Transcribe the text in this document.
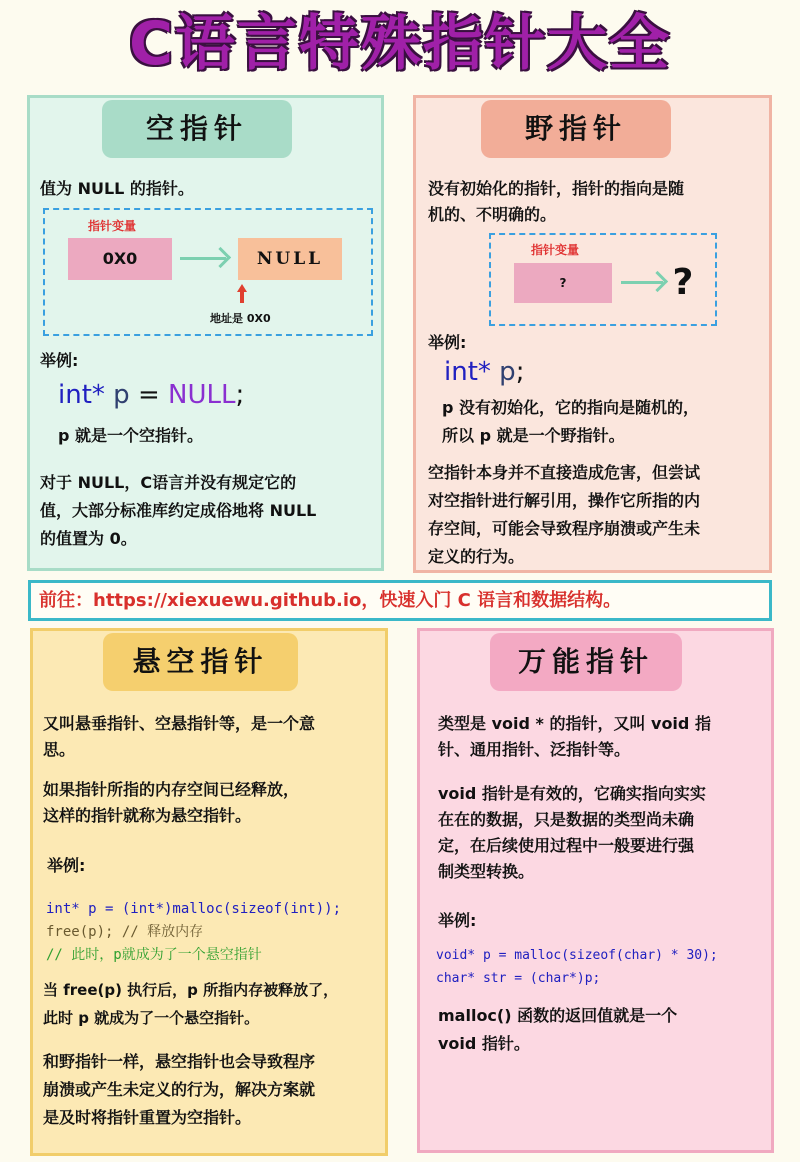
C语言特殊指针大全
空指针
值为 NULL 的指针。
指针变量
0X0	NULL
地址是 0X0
举例:
int* p = NULL;
p 就是一个空指针。
对于 NULL，C语言并没有规定它的
值，大部分标准库约定成俗地将 NULL
的值置为 0。
野指针
没有初始化的指针，指针的指向是随
机的、不明确的。
指针变量
?	?
举例:
int* p;
p 没有初始化，它的指向是随机的，
所以 p 就是一个野指针。
空指针本身并不直接造成危害，但尝试
对空指针进行解引用，操作它所指的内
存空间，可能会导致程序崩溃或产生未
定义的行为。
前往：https://xiexuewu.github.io，快速入门 C 语言和数据结构。
悬空指针
又叫悬垂指针、空悬指针等，是一个意
思。
如果指针所指的内存空间已经释放，
这样的指针就称为悬空指针。
举例:
int* p = (int*)malloc(sizeof(int));
free(p); // 释放内存
// 此时，p就成为了一个悬空指针
当 free(p) 执行后，p 所指内存被释放了，
此时 p 就成为了一个悬空指针。
和野指针一样，悬空指针也会导致程序
崩溃或产生未定义的行为，解决方案就
是及时将指针重置为空指针。
万能指针
类型是 void * 的指针，又叫 void 指
针、通用指针、泛指针等。
void 指针是有效的，它确实指向实实
在在的数据，只是数据的类型尚未确
定，在后续使用过程中一般要进行强
制类型转换。
举例:
void* p = malloc(sizeof(char) * 30);
char* str = (char*)p;
malloc() 函数的返回值就是一个
void 指针。
